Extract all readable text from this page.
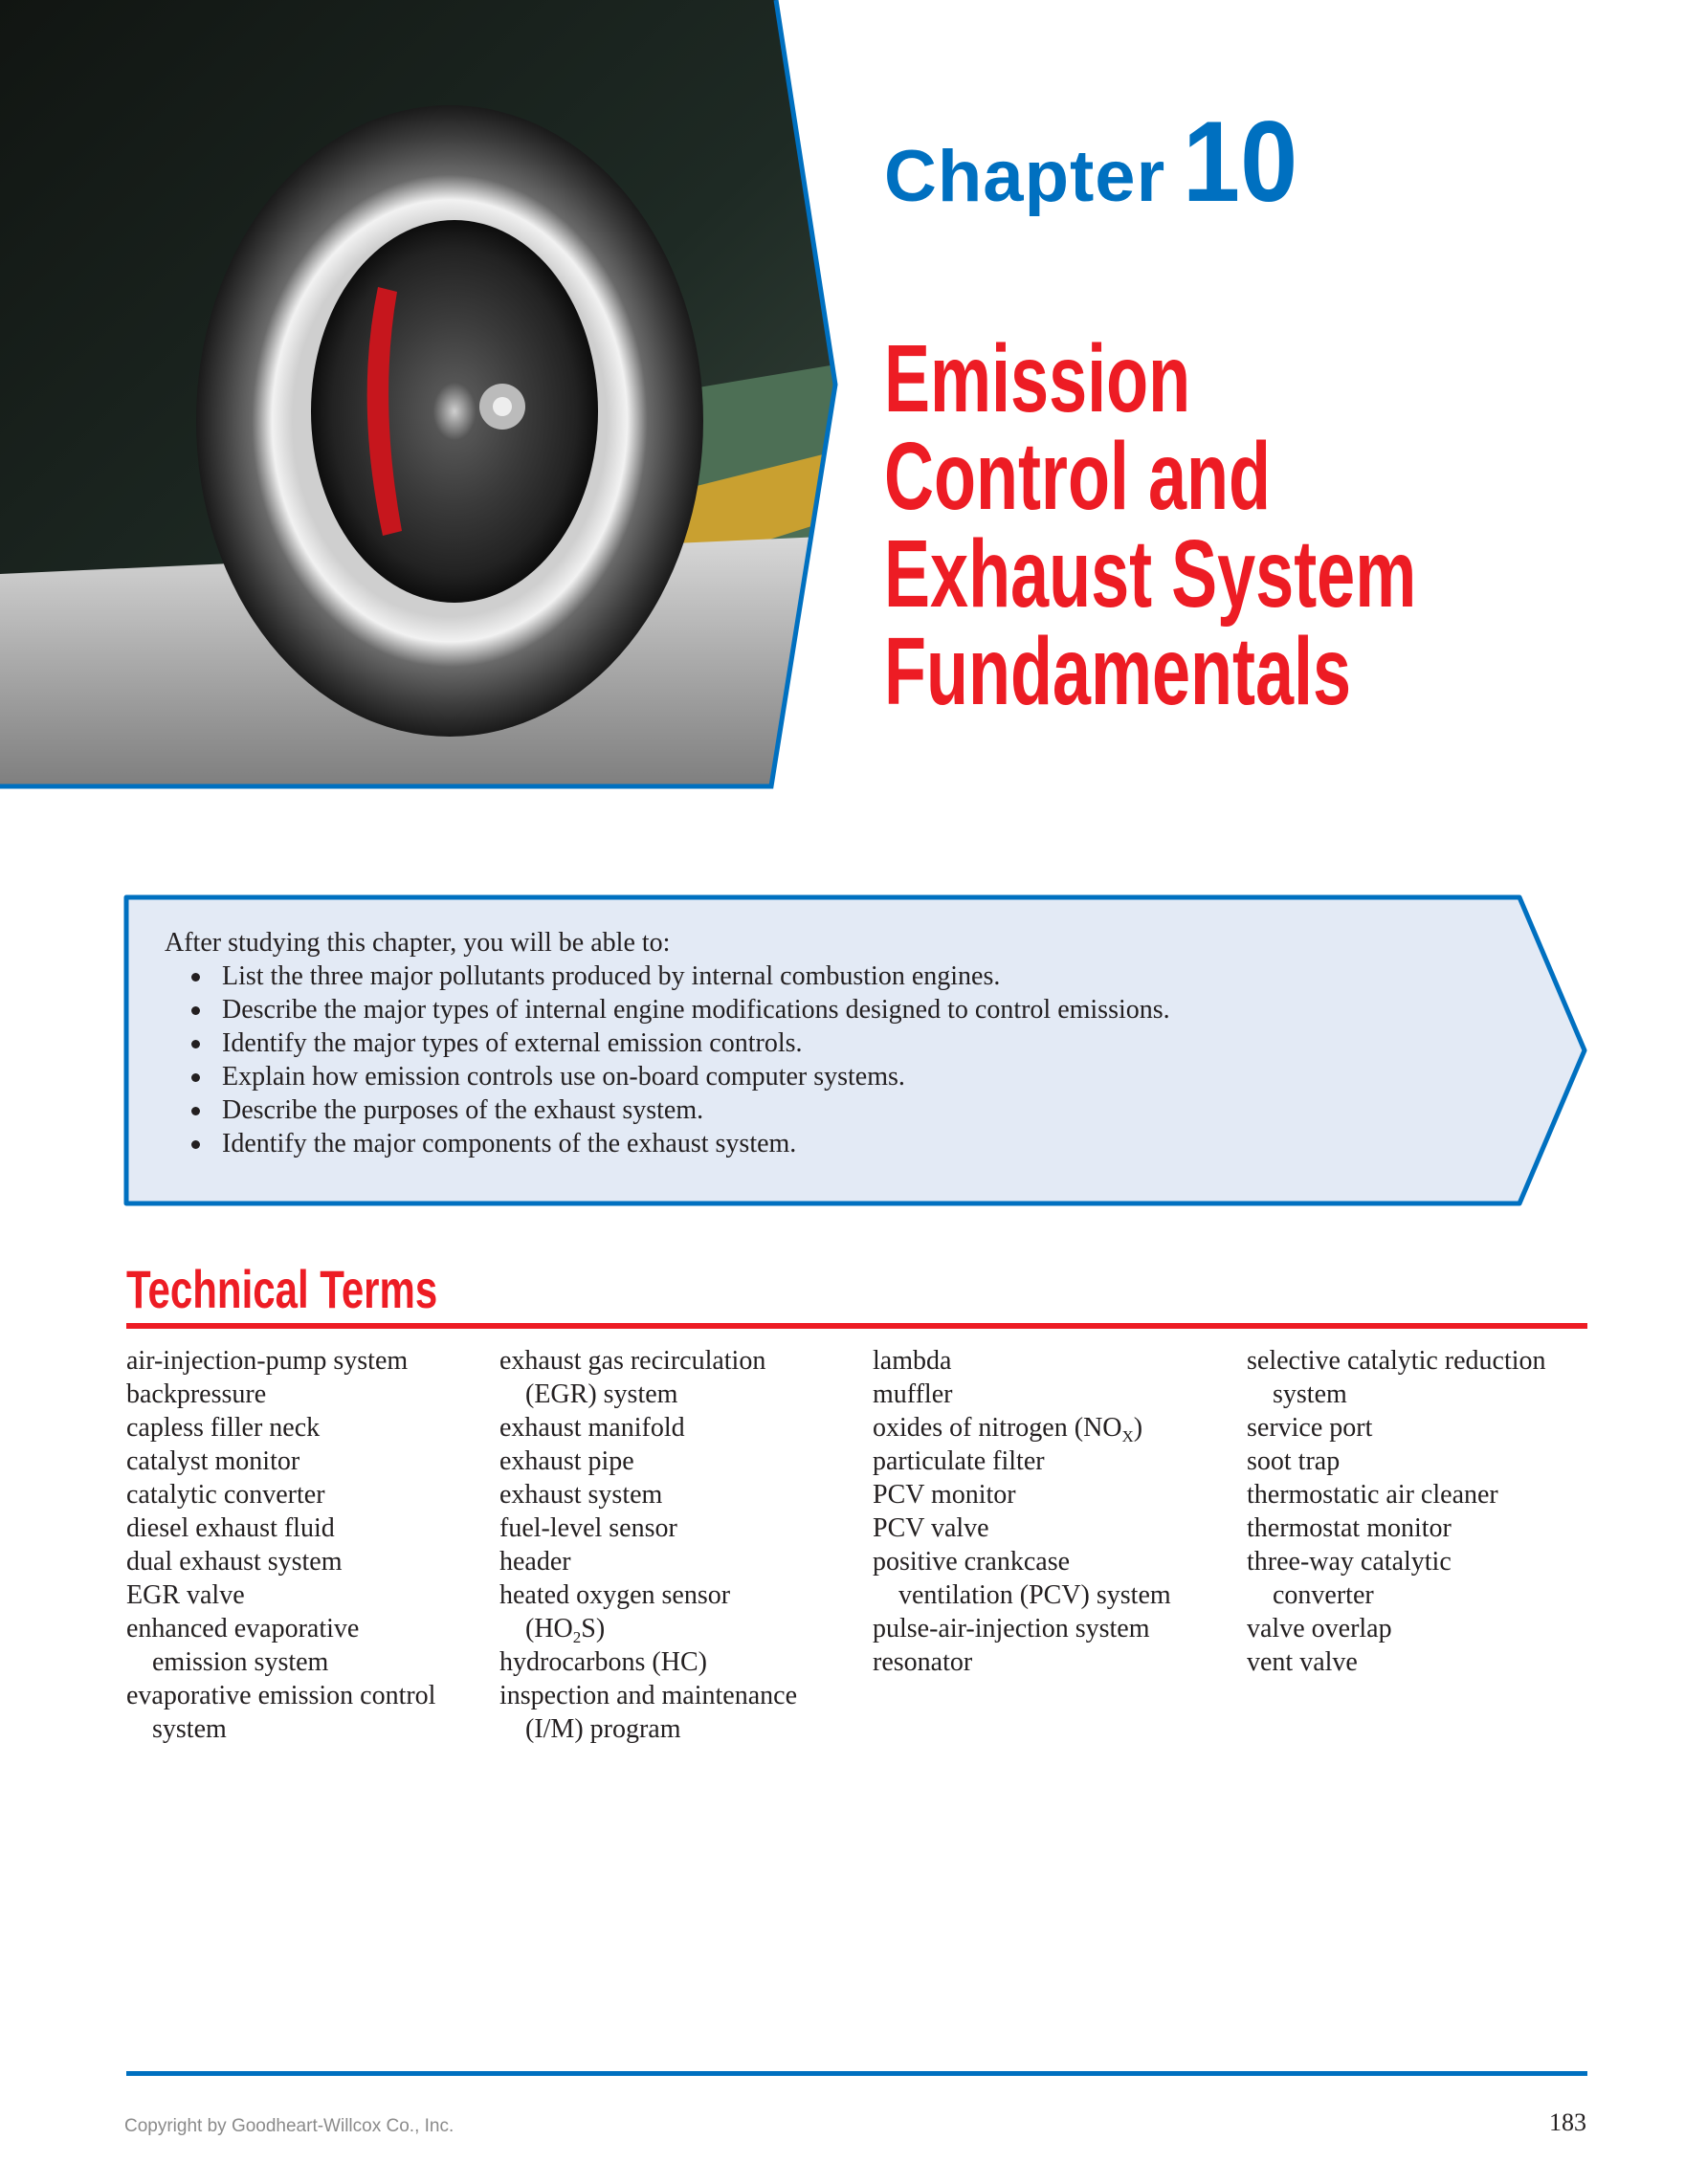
Chapter 10
Emission
Control and
Exhaust System
Fundamentals
After studying this chapter, you will be able to:
List the three major pollutants produced by internal combustion engines.
Describe the major types of internal engine modifications designed to control emissions.
Identify the major types of external emission controls.
Explain how emission controls use on-board computer systems.
Describe the purposes of the exhaust system.
Identify the major components of the exhaust system.
Technical Terms
air-injection-pump system
backpressure
capless filler neck
catalyst monitor
catalytic converter
diesel exhaust fluid
dual exhaust system
EGR valve
enhanced evaporative
emission system
evaporative emission control
system
exhaust gas recirculation
(EGR) system
exhaust manifold
exhaust pipe
exhaust system
fuel-level sensor
header
heated oxygen sensor
$(HO_2S)$
hydrocarbons (HC)
inspection and maintenance
(I/M) program
lambda
muffler
oxides of nitrogen $(NO_X)$
particulate filter
PCV monitor
PCV valve
positive crankcase
ventilation (PCV) system
pulse-air-injection system
resonator
selective catalytic reduction
system
service port
soot trap
thermostatic air cleaner
thermostat monitor
three-way catalytic
converter
valve overlap
vent valve
Copyright by Goodheart-Willcox Co., Inc.	183
